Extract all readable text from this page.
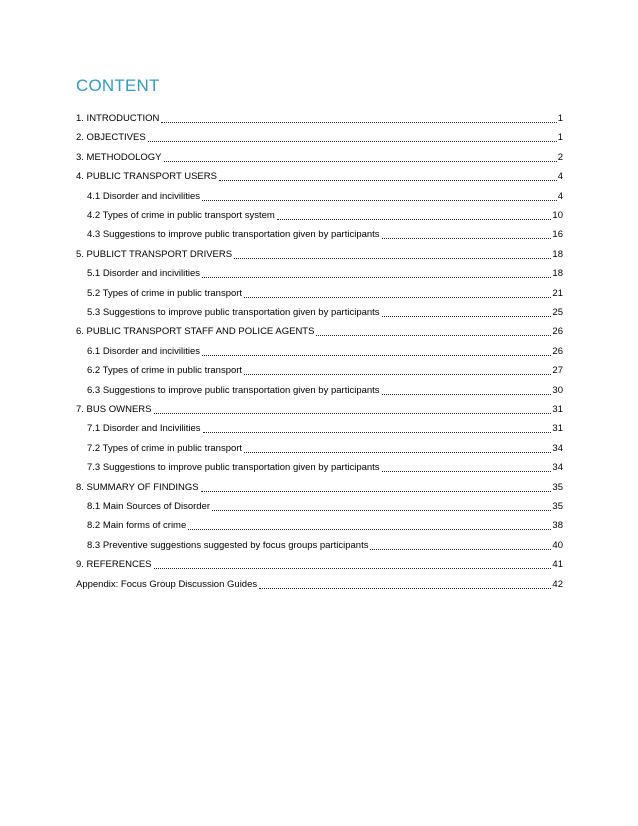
CONTENT
1. INTRODUCTION	1
2. OBJECTIVES	1
3. METHODOLOGY	2
4. PUBLIC TRANSPORT USERS	4
4.1 Disorder and incivilities	4
4.2 Types of crime in public transport system	10
4.3 Suggestions to improve public transportation given by participants	16
5. PUBLICT TRANSPORT DRIVERS	18
5.1 Disorder and incivilities	18
5.2 Types of crime in public transport	21
5.3 Suggestions to improve public transportation given by participants	25
6. PUBLIC TRANSPORT STAFF AND POLICE AGENTS	26
6.1 Disorder and incivilities	26
6.2 Types of crime in public transport	27
6.3 Suggestions to improve public transportation given by participants	30
7. BUS OWNERS	31
7.1 Disorder and Incivilities	31
7.2 Types of crime in public transport	34
7.3 Suggestions to improve public transportation given by participants	34
8. SUMMARY OF FINDINGS	35
8.1 Main Sources of Disorder	35
8.2 Main forms of crime	38
8.3 Preventive suggestions suggested by focus groups participants	40
9. REFERENCES	41
Appendix: Focus Group Discussion Guides	42
